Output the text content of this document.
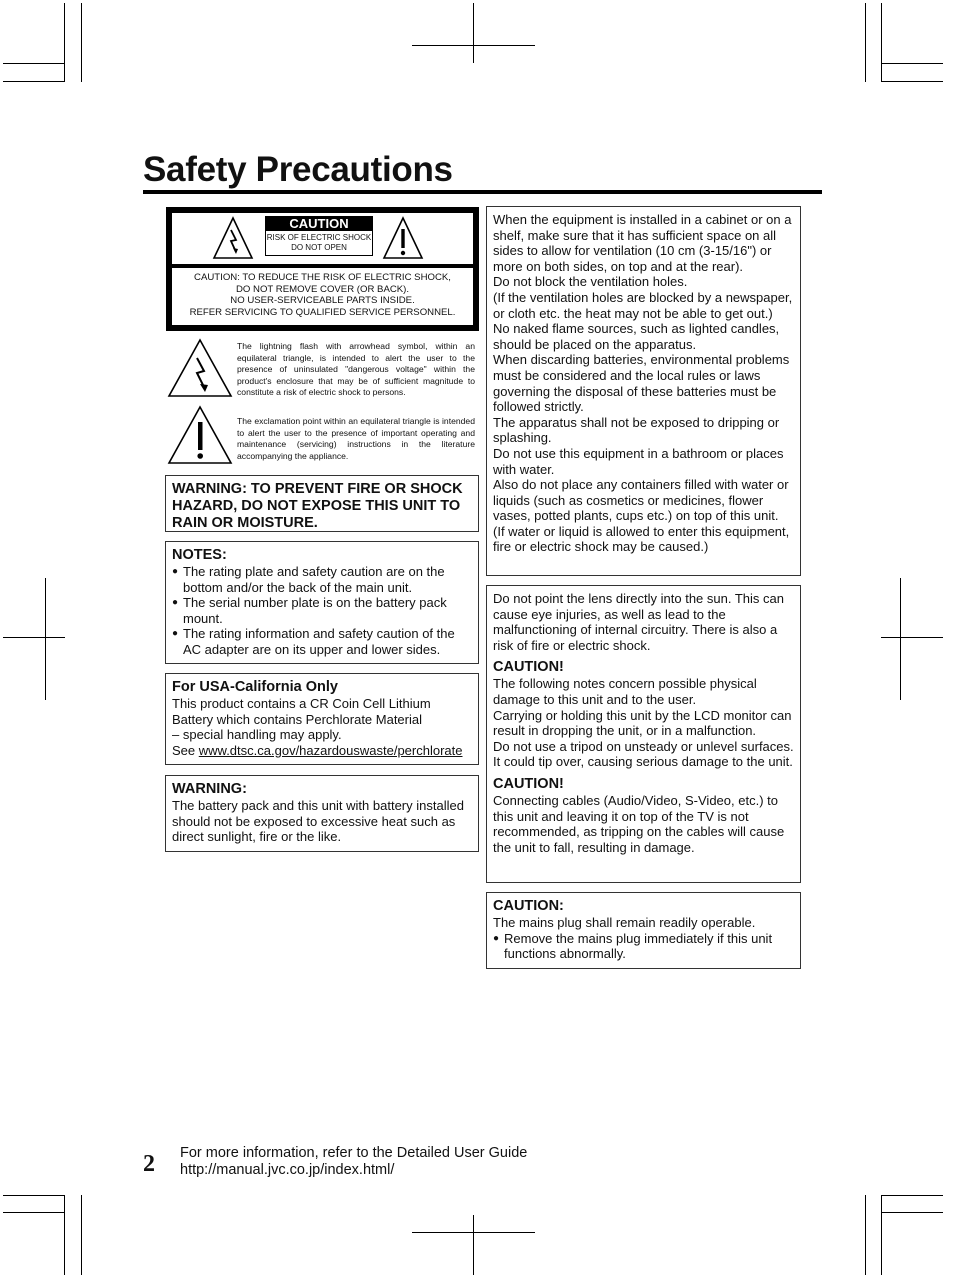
Safety Precautions
CAUTION
RISK OF ELECTRIC SHOCK
DO NOT OPEN
CAUTION: TO REDUCE THE RISK OF ELECTRIC SHOCK,
DO NOT REMOVE COVER (OR BACK).
NO USER-SERVICEABLE PARTS INSIDE.
REFER SERVICING TO QUALIFIED SERVICE PERSONNEL.
The lightning flash with arrowhead symbol, within an equilateral triangle, is intended to alert the user to the presence of uninsulated "dangerous voltage" within the product's enclosure that may be of sufficient magnitude to constitute a risk of electric shock to persons.
The exclamation point within an equilateral triangle is intended to alert the user to the presence of important operating and maintenance (servicing) instructions in the literature accompanying the appliance.
WARNING: TO PREVENT FIRE OR SHOCK HAZARD, DO NOT EXPOSE THIS UNIT TO RAIN OR MOISTURE.
NOTES:
● The rating plate and safety caution are on the bottom and/or the back of the main unit.
● The serial number plate is on the battery pack mount.
● The rating information and safety caution of the AC adapter are on its upper and lower sides.
For USA-California Only
This product contains a CR Coin Cell Lithium
Battery which contains Perchlorate Material
– special handling may apply.
See www.dtsc.ca.gov/hazardouswaste/perchlorate
WARNING:
The battery pack and this unit with battery installed should not be exposed to excessive heat such as direct sunlight, fire or the like.
When the equipment is installed in a cabinet or on a shelf, make sure that it has sufficient space on all sides to allow for ventilation (10 cm (3-15/16") or more on both sides, on top and at the rear).
Do not block the ventilation holes.
(If the ventilation holes are blocked by a newspaper, or cloth etc. the heat may not be able to get out.)
No naked flame sources, such as lighted candles, should be placed on the apparatus.
When discarding batteries, environmental problems must be considered and the local rules or laws governing the disposal of these batteries must be followed strictly.
The apparatus shall not be exposed to dripping or splashing.
Do not use this equipment in a bathroom or places with water.
Also do not place any containers filled with water or liquids (such as cosmetics or medicines, flower vases, potted plants, cups etc.) on top of this unit.
(If water or liquid is allowed to enter this equipment, fire or electric shock may be caused.)
Do not point the lens directly into the sun. This can cause eye injuries, as well as lead to the malfunctioning of internal circuitry. There is also a risk of fire or electric shock.
CAUTION!
The following notes concern possible physical damage to this unit and to the user.
Carrying or holding this unit by the LCD monitor can result in dropping the unit, or in a malfunction.
Do not use a tripod on unsteady or unlevel surfaces. It could tip over, causing serious damage to the unit.
CAUTION!
Connecting cables (Audio/Video, S-Video, etc.) to this unit and leaving it on top of the TV is not recommended, as tripping on the cables will cause the unit to fall, resulting in damage.
CAUTION:
The mains plug shall remain readily operable.
● Remove the mains plug immediately if this unit functions abnormally.
2 For more information, refer to the Detailed User Guide
http://manual.jvc.co.jp/index.html/
